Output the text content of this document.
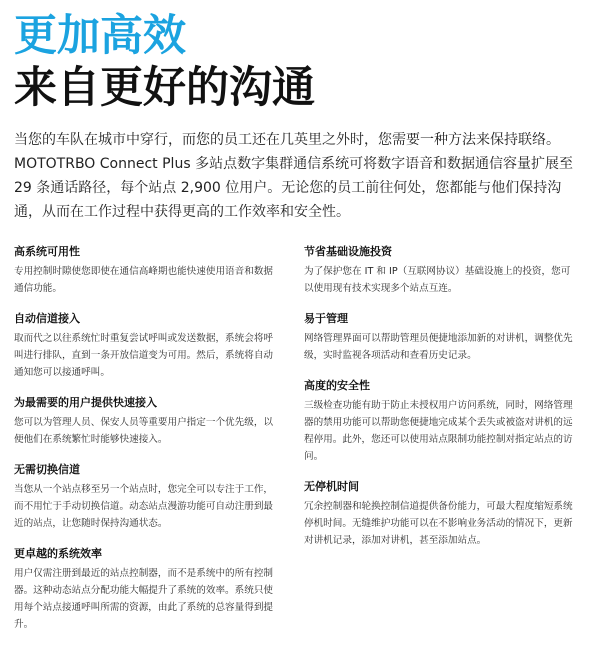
更加高效
来自更好的沟通

当您的车队在城市中穿行，而您的员工还在几英里之外时，您需要一种方法来保持联络。MOTOTRBO Connect Plus 多站点数字集群通信系统可将数字语音和数据通信容量扩展至 29 条通话路径，每个站点 2,900 位用户。无论您的员工前往何处，您都能与他们保持沟通，从而在工作过程中获得更高的工作效率和安全性。

高系统可用性

专用控制时隙使您即使在通信高峰期也能快速使用语音和数据通信功能。

自动信道接入

取而代之以往系统忙时重复尝试呼叫或发送数据，系统会将呼叫进行排队，直到一条开放信道变为可用。然后，系统将自动通知您可以接通呼叫。

为最需要的用户提供快速接入

您可以为管理人员、保安人员等重要用户指定一个优先级，以便他们在系统繁忙时能够快速接入。

无需切换信道

当您从一个站点移至另一个站点时，您完全可以专注于工作，而不用忙于手动切换信道。动态站点漫游功能可自动注册到最近的站点，让您随时保持沟通状态。

更卓越的系统效率

用户仅需注册到最近的站点控制器，而不是系统中的所有控制器。这种动态站点分配功能大幅提升了系统的效率。系统只使用每个站点接通呼叫所需的资源，由此了系统的总容量得到提升。

节省基础设施投资

为了保护您在 IT 和 IP（互联网协议）基础设施上的投资，您可以使用现有技术实现多个站点互连。

易于管理

网络管理界面可以帮助管理员便捷地添加新的对讲机，调整优先级，实时监视各项活动和查看历史记录。

高度的安全性

三级检查功能有助于防止未授权用户访问系统，同时，网络管理器的禁用功能可以帮助您便捷地完成某个丢失或被盗对讲机的远程停用。此外，您还可以使用站点限制功能控制对指定站点的访问。

无停机时间

冗余控制器和轮换控制信道提供备份能力，可最大程度缩短系统停机时间。无缝维护功能可以在不影响业务活动的情况下，更新对讲机记录，添加对讲机，甚至添加站点。
